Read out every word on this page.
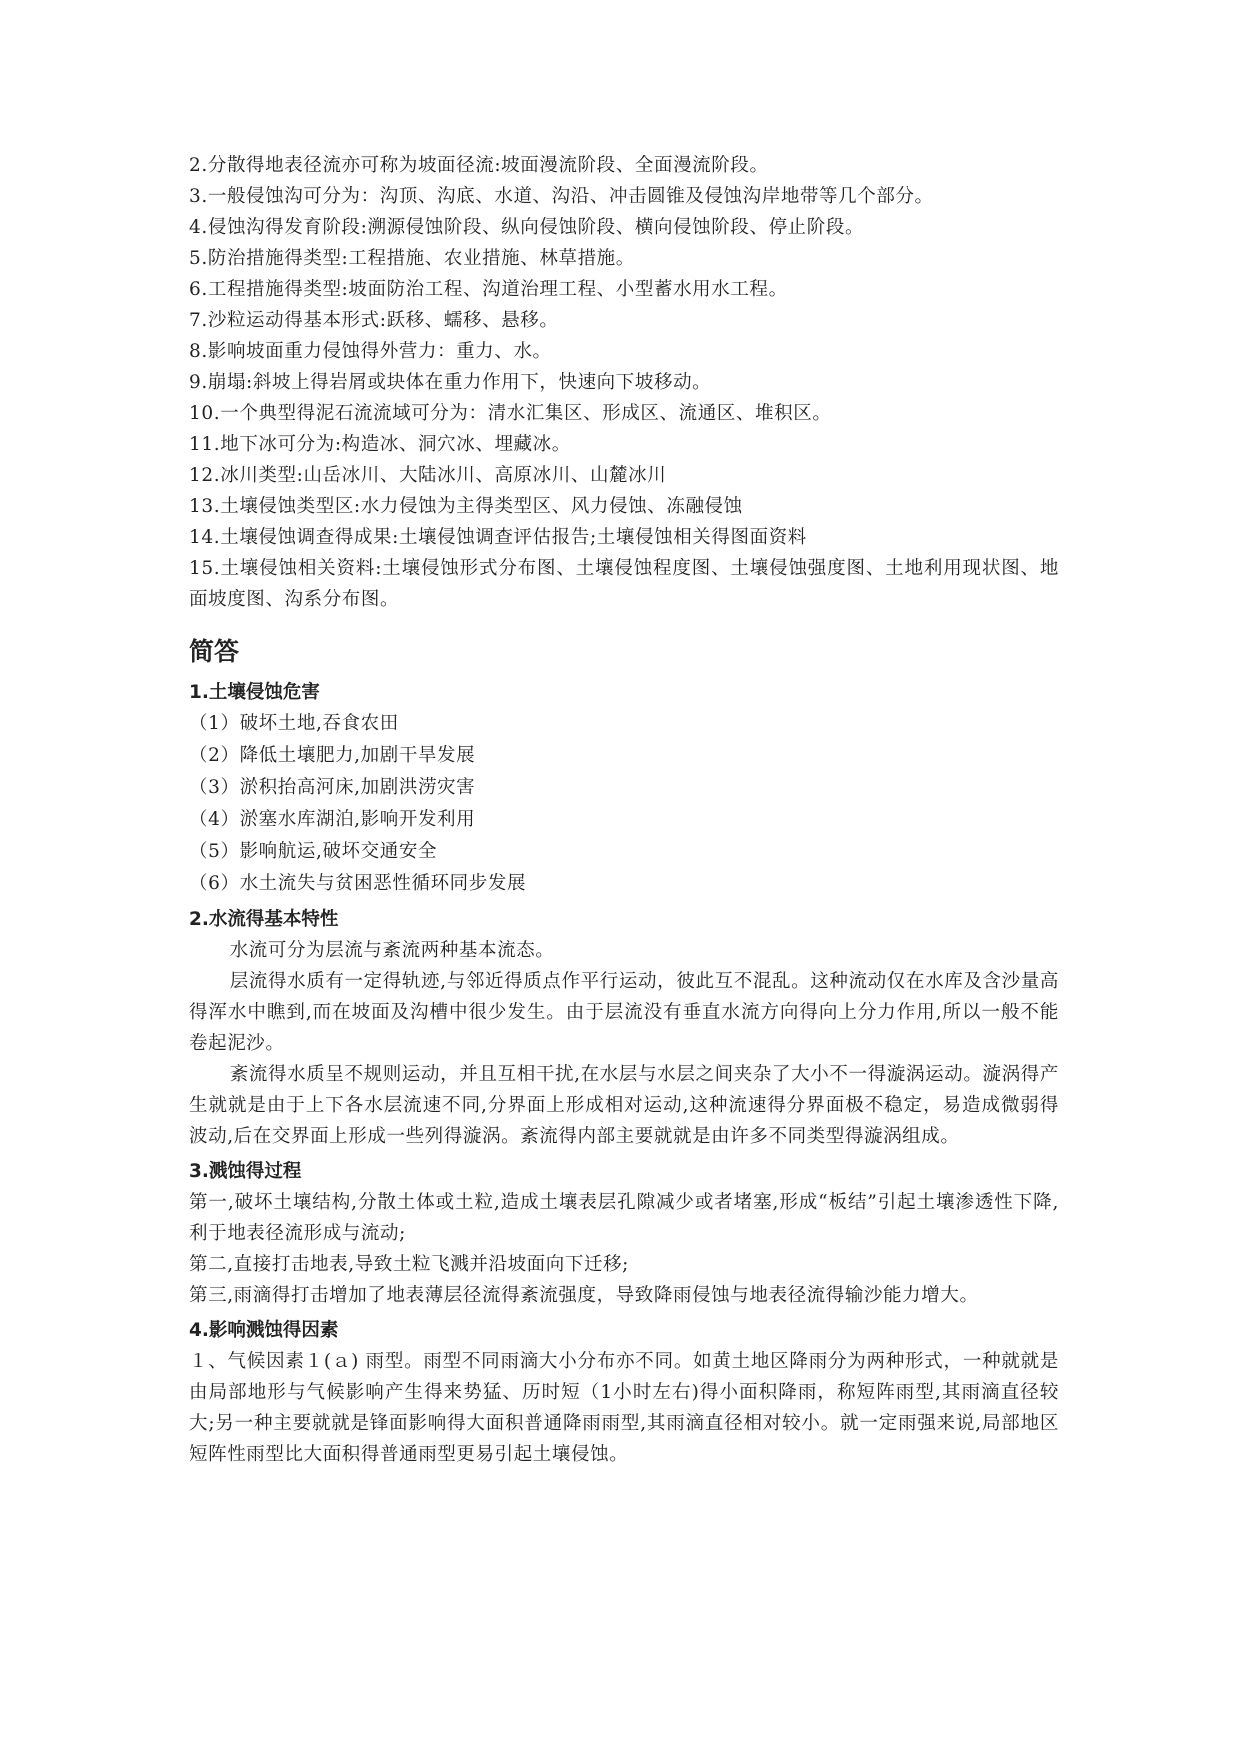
2.分散得地表径流亦可称为坡面径流:坡面漫流阶段、全面漫流阶段。
3.一般侵蚀沟可分为：沟顶、沟底、水道、沟沿、冲击圆锥及侵蚀沟岸地带等几个部分。
4.侵蚀沟得发育阶段:溯源侵蚀阶段、纵向侵蚀阶段、横向侵蚀阶段、停止阶段。
5.防治措施得类型:工程措施、农业措施、林草措施。
6.工程措施得类型:坡面防治工程、沟道治理工程、小型蓄水用水工程。
7.沙粒运动得基本形式:跃移、蠕移、悬移。
8.影响坡面重力侵蚀得外营力：重力、水。
9.崩塌:斜坡上得岩屑或块体在重力作用下，快速向下坡移动。
10.一个典型得泥石流流域可分为：清水汇集区、形成区、流通区、堆积区。
11.地下冰可分为:构造冰、洞穴冰、埋藏冰。
12.冰川类型:山岳冰川、大陆冰川、高原冰川、山麓冰川
13.土壤侵蚀类型区:水力侵蚀为主得类型区、风力侵蚀、冻融侵蚀
14.土壤侵蚀调查得成果:土壤侵蚀调查评估报告;土壤侵蚀相关得图面资料
15.土壤侵蚀相关资料:土壤侵蚀形式分布图、土壤侵蚀程度图、土壤侵蚀强度图、土地利用现状图、地面坡度图、沟系分布图。
简答
1.土壤侵蚀危害
（1）破坏土地,吞食农田
（2）降低土壤肥力,加剧干旱发展
（3）淤积抬高河床,加剧洪涝灾害
（4）淤塞水库湖泊,影响开发利用
（5）影响航运,破坏交通安全
（6）水土流失与贫困恶性循环同步发展
2.水流得基本特性
水流可分为层流与紊流两种基本流态。
层流得水质有一定得轨迹,与邻近得质点作平行运动，彼此互不混乱。这种流动仅在水库及含沙量高得浑水中瞧到,而在坡面及沟槽中很少发生。由于层流没有垂直水流方向得向上分力作用,所以一般不能卷起泥沙。
紊流得水质呈不规则运动，并且互相干扰,在水层与水层之间夹杂了大小不一得漩涡运动。漩涡得产生就就是由于上下各水层流速不同,分界面上形成相对运动,这种流速得分界面极不稳定，易造成微弱得波动,后在交界面上形成一些列得漩涡。紊流得内部主要就就是由许多不同类型得漩涡组成。
3.溅蚀得过程
第一,破坏土壤结构,分散土体或土粒,造成土壤表层孔隙减少或者堵塞,形成“板结”引起土壤渗透性下降,利于地表径流形成与流动;
第二,直接打击地表,导致土粒飞溅并沿坡面向下迁移;
第三,雨滴得打击增加了地表薄层径流得紊流强度，导致降雨侵蚀与地表径流得输沙能力增大。
4.影响溅蚀得因素
１、气候因素１(ａ) 雨型。雨型不同雨滴大小分布亦不同。如黄土地区降雨分为两种形式，一种就就是由局部地形与气候影响产生得来势猛、历时短（1小时左右)得小面积降雨，称短阵雨型,其雨滴直径较大;另一种主要就就是锋面影响得大面积普通降雨雨型,其雨滴直径相对较小。就一定雨强来说,局部地区短阵性雨型比大面积得普通雨型更易引起土壤侵蚀。
